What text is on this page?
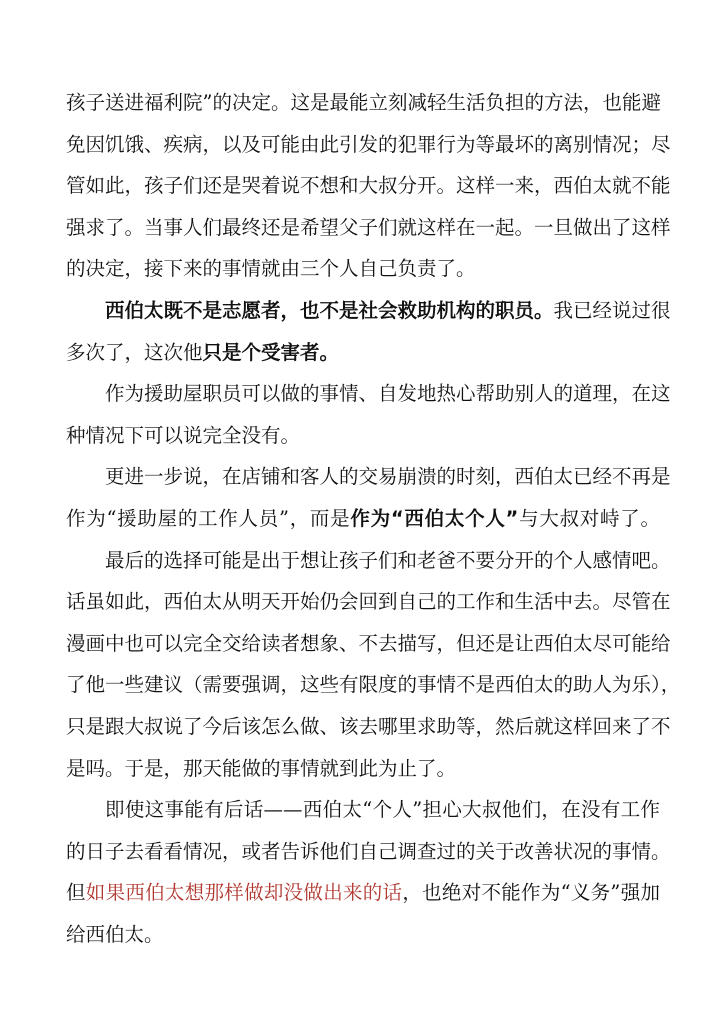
孩子送进福利院”的决定。这是最能立刻减轻生活负担的方法，也能避
免因饥饿、疾病，以及可能由此引发的犯罪行为等最坏的离别情况；尽
管如此，孩子们还是哭着说不想和大叔分开。这样一来，西伯太就不能
强求了。当事人们最终还是希望父子们就这样在一起。一旦做出了这样
的决定，接下来的事情就由三个人自己负责了。
西伯太既不是志愿者，也不是社会救助机构的职员。我已经说过很
多次了，这次他只是个受害者。
作为援助屋职员可以做的事情、自发地热心帮助别人的道理，在这
种情况下可以说完全没有。
更进一步说，在店铺和客人的交易崩溃的时刻，西伯太已经不再是
作为“援助屋的工作人员”，而是作为“西伯太个人”与大叔对峙了。
最后的选择可能是出于想让孩子们和老爸不要分开的个人感情吧。
话虽如此，西伯太从明天开始仍会回到自己的工作和生活中去。尽管在
漫画中也可以完全交给读者想象、不去描写，但还是让西伯太尽可能给
了他一些建议（需要强调，这些有限度的事情不是西伯太的助人为乐），
只是跟大叔说了今后该怎么做、该去哪里求助等，然后就这样回来了不
是吗。于是，那天能做的事情就到此为止了。
即使这事能有后话——西伯太“个人”担心大叔他们，在没有工作
的日子去看看情况，或者告诉他们自己调查过的关于改善状况的事情。
但如果西伯太想那样做却没做出来的话，也绝对不能作为“义务”强加
给西伯太。
